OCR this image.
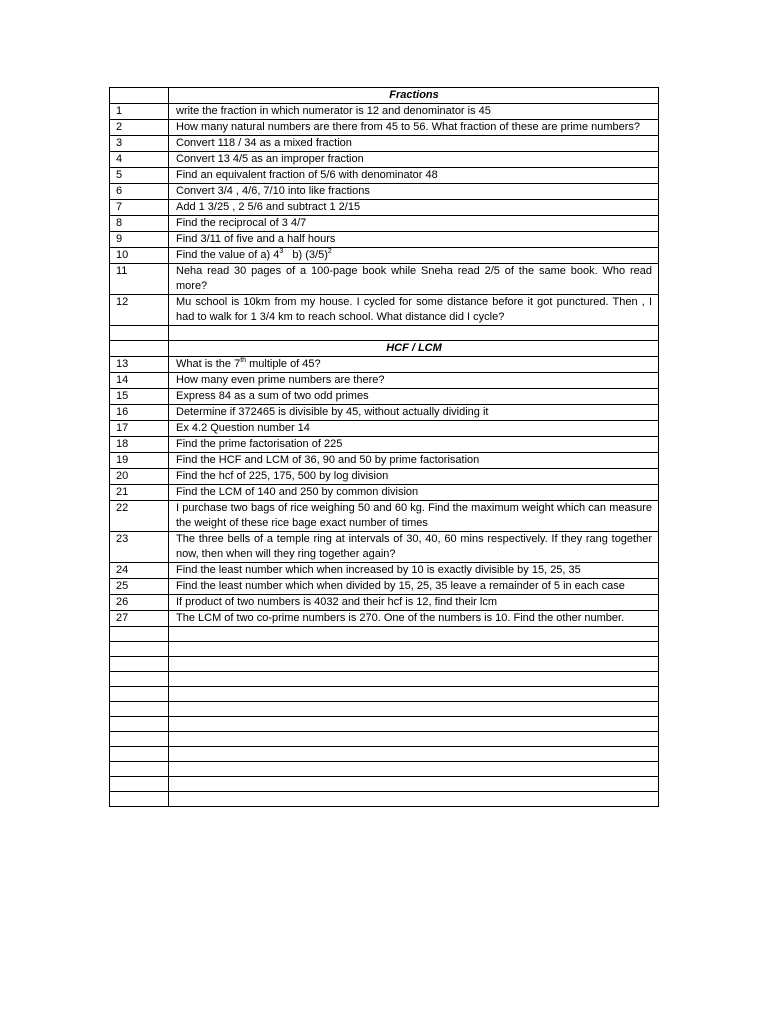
	Fractions
1	write the fraction in which numerator is 12 and denominator is 45
2	How many natural numbers are there from 45 to 56. What fraction of these are prime numbers?
3	Convert 118 / 34 as a mixed fraction
4	Convert 13 4/5 as an improper fraction
5	Find an equivalent fraction of 5/6 with denominator 48
6	Convert 3/4 , 4/6, 7/10 into like fractions
7	Add 1 3/25 , 2 5/6 and subtract 1 2/15
8	Find the reciprocal of 3 4/7
9	Find 3/11 of five and a half hours
10	Find the value of a) $4^3$   b) $(3/5)^2$
11	Neha read 30 pages of a 100-page book while Sneha read 2/5 of the same book. Who read more?
12	Mu school is 10km from my house. I cycled for some distance before it got punctured. Then , I had to walk for 1 3/4 km to reach school. What distance did I cycle?

	HCF / LCM
13	What is the 7th multiple of 45?
14	How many even prime numbers are there?
15	Express 84 as a sum of two odd primes
16	Determine if 372465 is divisible by 45, without actually dividing it
17	Ex 4.2 Question number 14
18	Find the prime factorisation of 225
19	Find the HCF and LCM of 36, 90 and 50 by prime factorisation
20	Find the hcf of 225, 175, 500 by log division
21	Find the LCM of 140 and 250 by common division
22	I purchase two bags of rice weighing 50 and 60 kg. Find the maximum weight which can measure the weight of these rice bage exact number of times
23	The three bells of a temple ring at intervals of 30, 40, 60 mins respectively. If they rang together now, then when will they ring together again?
24	Find the least number which when increased by 10 is exactly divisible by 15, 25, 35
25	Find the least number which when divided by 15, 25, 35 leave a remainder of 5 in each case
26	If product of two numbers is 4032 and their hcf is 12, find their lcm
27	The LCM of two co-prime numbers is 270. One of the numbers is 10. Find the other number.
